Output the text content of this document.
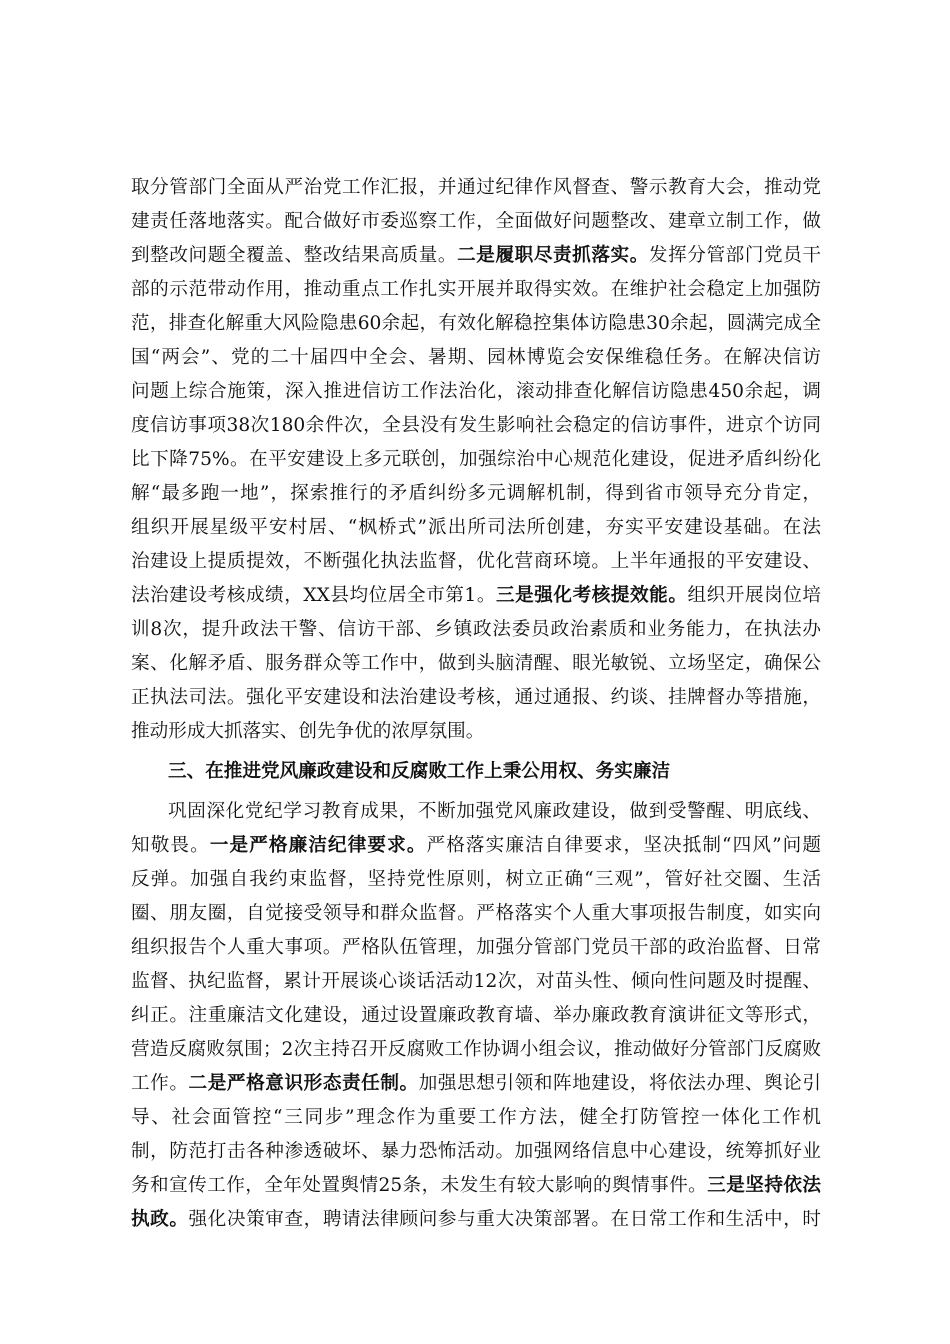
取分管部门全面从严治党工作汇报，并通过纪律作风督查、警示教育大会，推动党
建责任落地落实。配合做好市委巡察工作，全面做好问题整改、建章立制工作，做
到整改问题全覆盖、整改结果高质量。二是履职尽责抓落实。发挥分管部门党员干
部的示范带动作用，推动重点工作扎实开展并取得实效。在维护社会稳定上加强防
范，排查化解重大风险隐患60余起，有效化解稳控集体访隐患30余起，圆满完成全
国“两会”、党的二十届四中全会、暑期、园林博览会安保维稳任务。在解决信访
问题上综合施策，深入推进信访工作法治化，滚动排查化解信访隐患450余起，调
度信访事项38次180余件次，全县没有发生影响社会稳定的信访事件，进京个访同
比下降75%。在平安建设上多元联创，加强综治中心规范化建设，促进矛盾纠纷化
解“最多跑一地”，探索推行的矛盾纠纷多元调解机制，得到省市领导充分肯定，
组织开展星级平安村居、“枫桥式”派出所司法所创建，夯实平安建设基础。在法
治建设上提质提效，不断强化执法监督，优化营商环境。上半年通报的平安建设、
法治建设考核成绩，XX县均位居全市第1。三是强化考核提效能。组织开展岗位培
训8次，提升政法干警、信访干部、乡镇政法委员政治素质和业务能力，在执法办
案、化解矛盾、服务群众等工作中，做到头脑清醒、眼光敏锐、立场坚定，确保公
正执法司法。强化平安建设和法治建设考核，通过通报、约谈、挂牌督办等措施，
推动形成大抓落实、创先争优的浓厚氛围。
三、在推进党风廉政建设和反腐败工作上秉公用权、务实廉洁
巩固深化党纪学习教育成果，不断加强党风廉政建设，做到受警醒、明底线、
知敬畏。一是严格廉洁纪律要求。严格落实廉洁自律要求，坚决抵制“四风”问题
反弹。加强自我约束监督，坚持党性原则，树立正确“三观”，管好社交圈、生活
圈、朋友圈，自觉接受领导和群众监督。严格落实个人重大事项报告制度，如实向
组织报告个人重大事项。严格队伍管理，加强分管部门党员干部的政治监督、日常
监督、执纪监督，累计开展谈心谈话活动12次，对苗头性、倾向性问题及时提醒、
纠正。注重廉洁文化建设，通过设置廉政教育墙、举办廉政教育演讲征文等形式，
营造反腐败氛围；2次主持召开反腐败工作协调小组会议，推动做好分管部门反腐败
工作。二是严格意识形态责任制。加强思想引领和阵地建设，将依法办理、舆论引
导、社会面管控“三同步”理念作为重要工作方法，健全打防管控一体化工作机
制，防范打击各种渗透破坏、暴力恐怖活动。加强网络信息中心建设，统筹抓好业
务和宣传工作，全年处置舆情25条，未发生有较大影响的舆情事件。三是坚持依法
执政。强化决策审查，聘请法律顾问参与重大决策部署。在日常工作和生活中，时
